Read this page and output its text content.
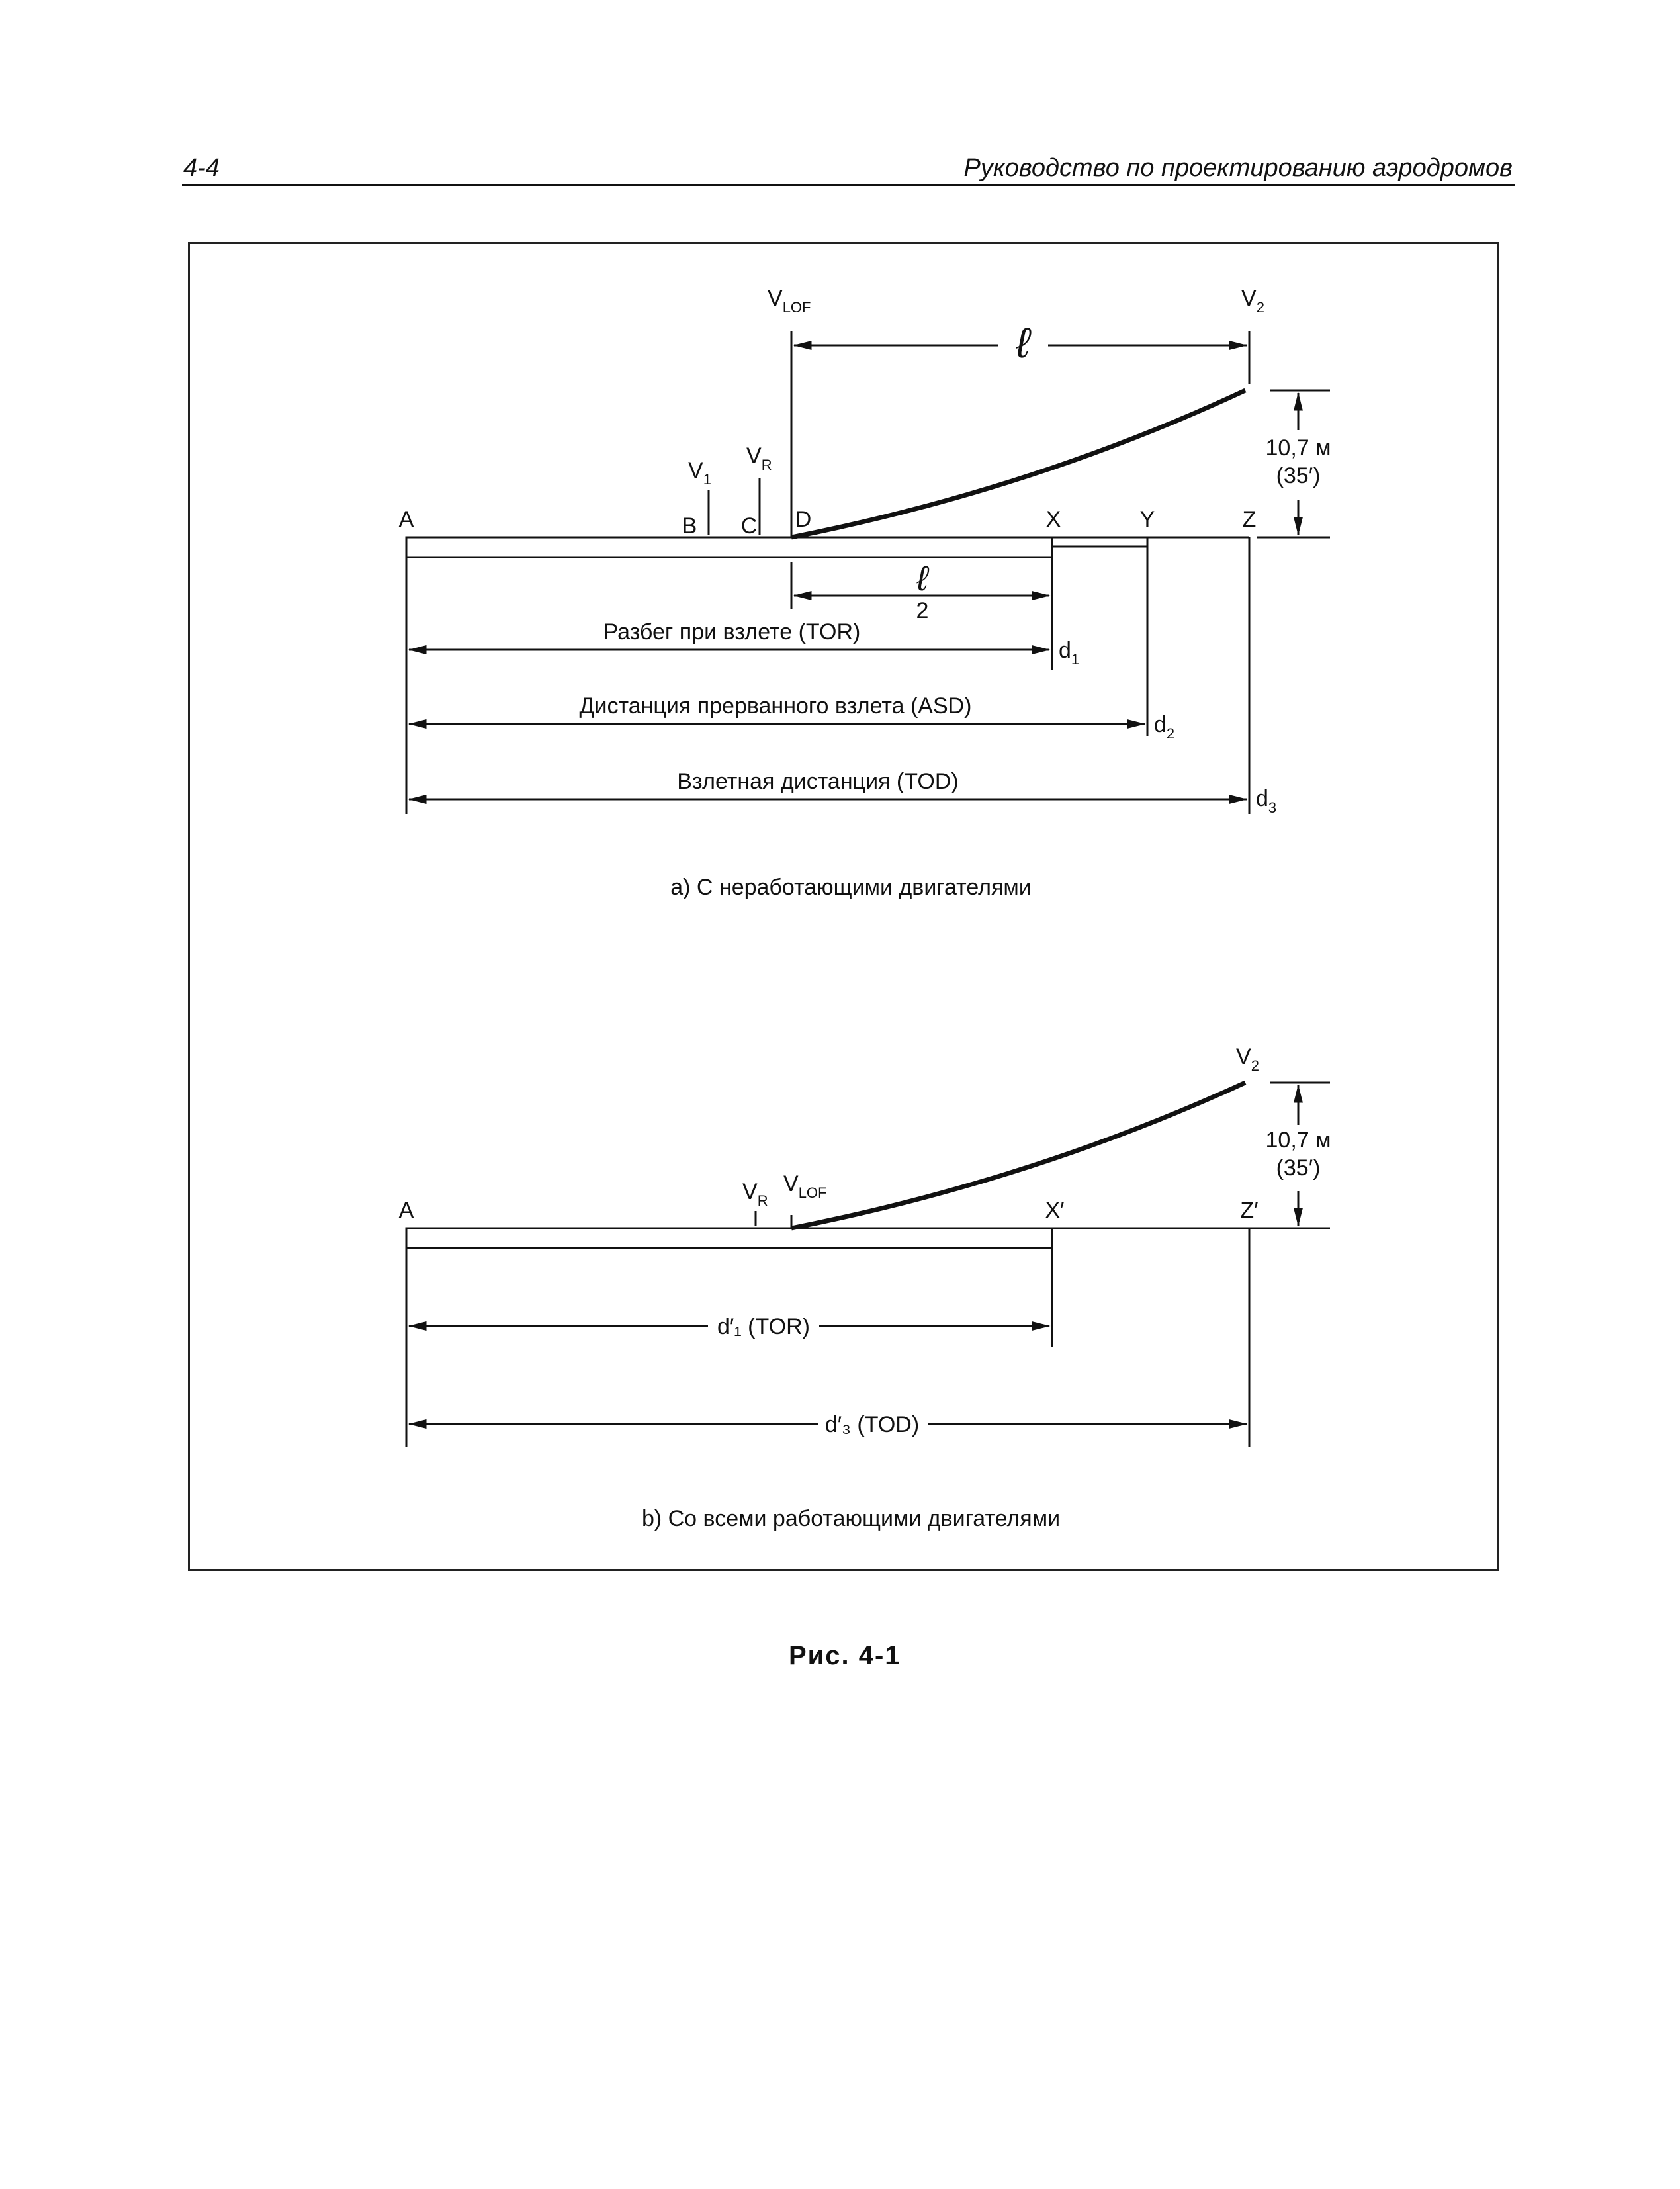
4-4	Руководство по проектированию аэродромов
ℓ
ℓ
2
10,7 м
(35′)
A	B C D	X	Y	Z
$V_1$
$V_R$
$V_{LOF}$	$V_2$
Разбег при взлете (TOR)
$d_1$
Дистанция прерванного взлета (ASD)
$d_2$
Взлетная дистанция (TOD)
$d_3$
a) С неработающими двигателями
10,7 м
(35′)
A	X′	Z′
$V_R$
$V_{LOF}$
$V_2$
d′₁ (TOR)
d′₃ (TOD)
b) Со всеми работающими двигателями
Рис. 4-1
